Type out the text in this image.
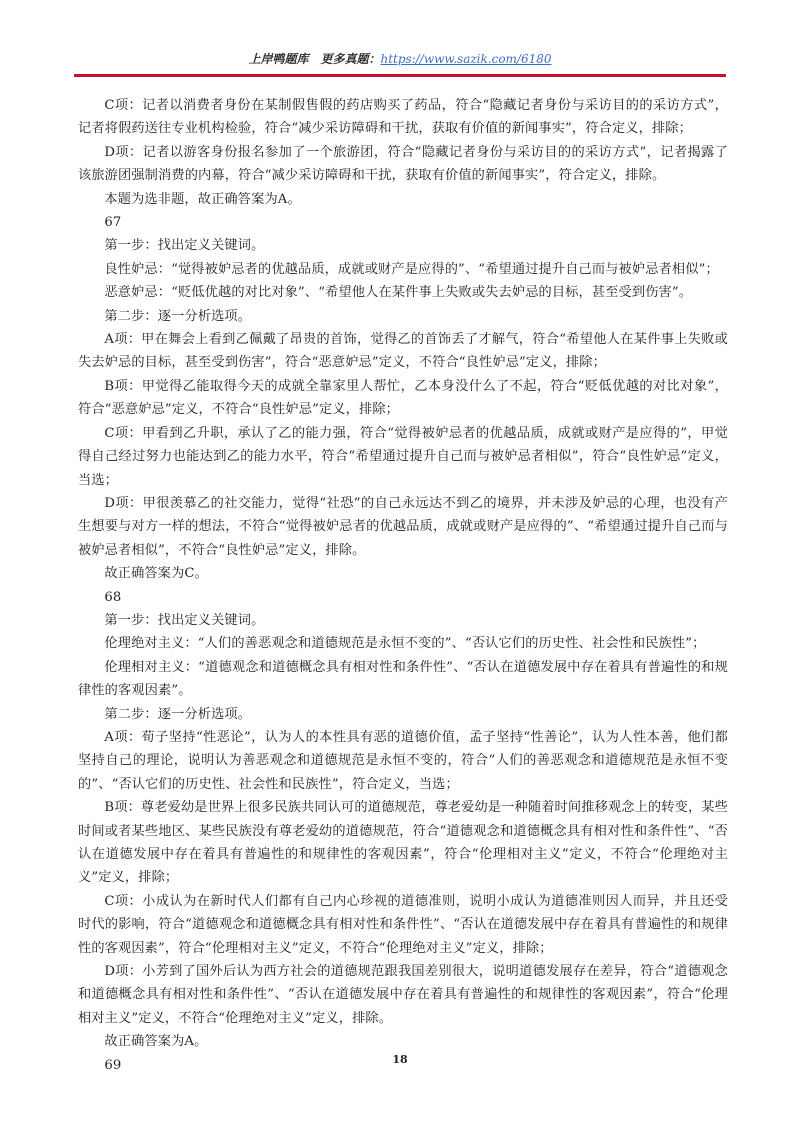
上岸鸭题库 更多真题：https://www.sazik.com/6180

C项：记者以消费者身份在某制假售假的药店购买了药品，符合“隐藏记者身份与采访目的的采访方式”，记者将假药送往专业机构检验，符合“减少采访障碍和干扰，获取有价值的新闻事实”，符合定义，排除；

D项：记者以游客身份报名参加了一个旅游团，符合“隐藏记者身份与采访目的的采访方式”，记者揭露了该旅游团强制消费的内幕，符合“减少采访障碍和干扰，获取有价值的新闻事实”，符合定义，排除。

本题为选非题，故正确答案为A。

67

第一步：找出定义关键词。

良性妒忌：“觉得被妒忌者的优越品质，成就或财产是应得的”、“希望通过提升自己而与被妒忌者相似”；

恶意妒忌：“贬低优越的对比对象”、“希望他人在某件事上失败或失去妒忌的目标，甚至受到伤害”。

第二步：逐一分析选项。

A项：甲在舞会上看到乙佩戴了昂贵的首饰，觉得乙的首饰丢了才解气，符合“希望他人在某件事上失败或失去妒忌的目标，甚至受到伤害”，符合“恶意妒忌”定义，不符合“良性妒忌”定义，排除；

B项：甲觉得乙能取得今天的成就全靠家里人帮忙，乙本身没什么了不起，符合“贬低优越的对比对象”，符合“恶意妒忌”定义，不符合“良性妒忌”定义，排除；

C项：甲看到乙升职，承认了乙的能力强，符合“觉得被妒忌者的优越品质，成就或财产是应得的”，甲觉得自己经过努力也能达到乙的能力水平，符合“希望通过提升自己而与被妒忌者相似”，符合“良性妒忌”定义，当选；

D项：甲很羡慕乙的社交能力，觉得“社恐”的自己永远达不到乙的境界，并未涉及妒忌的心理，也没有产生想要与对方一样的想法，不符合“觉得被妒忌者的优越品质，成就或财产是应得的”、“希望通过提升自己而与被妒忌者相似”，不符合“良性妒忌”定义，排除。

故正确答案为C。

68

第一步：找出定义关键词。

伦理绝对主义：“人们的善恶观念和道德规范是永恒不变的”、“否认它们的历史性、社会性和民族性”；

伦理相对主义：“道德观念和道德概念具有相对性和条件性”、“否认在道德发展中存在着具有普遍性的和规律性的客观因素”。

第二步：逐一分析选项。

A项：荀子坚持“性恶论”，认为人的本性具有恶的道德价值，孟子坚持“性善论”，认为人性本善，他们都坚持自己的理论，说明认为善恶观念和道德规范是永恒不变的，符合“人们的善恶观念和道德规范是永恒不变的”、“否认它们的历史性、社会性和民族性”，符合定义，当选；

B项：尊老爱幼是世界上很多民族共同认可的道德规范，尊老爱幼是一种随着时间推移观念上的转变，某些时间或者某些地区、某些民族没有尊老爱幼的道德规范，符合“道德观念和道德概念具有相对性和条件性”、“否认在道德发展中存在着具有普遍性的和规律性的客观因素”，符合“伦理相对主义”定义，不符合“伦理绝对主义”定义，排除；

C项：小成认为在新时代人们都有自己内心珍视的道德准则，说明小成认为道德准则因人而异，并且还受时代的影响，符合“道德观念和道德概念具有相对性和条件性”、“否认在道德发展中存在着具有普遍性的和规律性的客观因素”，符合“伦理相对主义”定义，不符合“伦理绝对主义”定义，排除；

D项：小芳到了国外后认为西方社会的道德规范跟我国差别很大，说明道德发展存在差异，符合“道德观念和道德概念具有相对性和条件性”、“否认在道德发展中存在着具有普遍性的和规律性的客观因素”，符合“伦理相对主义”定义，不符合“伦理绝对主义”定义，排除。

故正确答案为A。

69	18
